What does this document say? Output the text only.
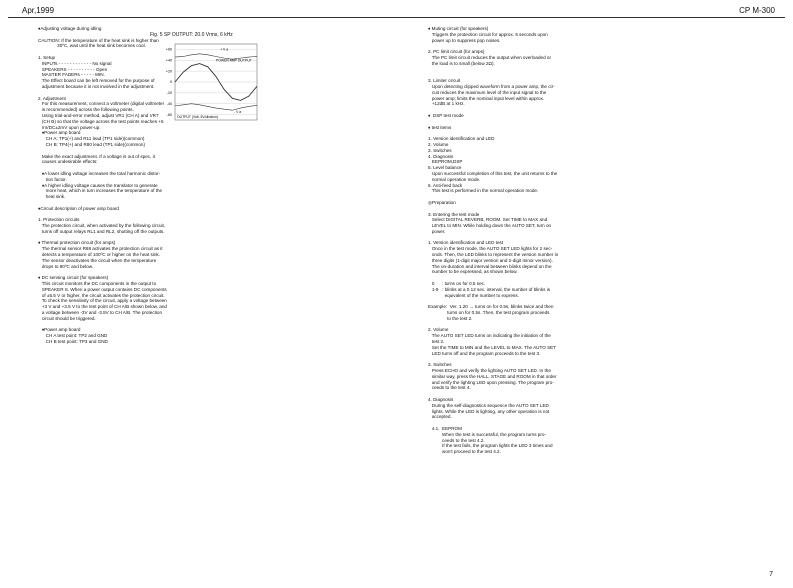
Apr,1999	CP M-300
Fig. 5 SP OUTPUT: 20.0 Vrms, 6 kHz
+60
+40
+20
0
-20
-40
-60
+ V a
POWER AMP OUTPUT
- V a
OUTPUT (Volt, 5V/division)

♦Adjusting voltage during idling

CAUTION: If the temperature of the heat sink is higher than

30ºC, wait until the heat sink becomes cool.

1. Setup

INPUTs - - - - - - - - - - - - No signal

SPEAKERS - - - - - - - - - - Open

MASTER FADERs - - - - - MIN.

The Effect board can be left removed for the purpose of

adjustment because it is not involved in the adjustment.

2. Adjustment

For this measurement, connect a voltmeter (digital voltmeter

is recommended) across the following points.

Using trial-and-error method, adjust VR1 (CH A) and VR7

(CH B) so that the voltage across the test points reaches +5

mVDC±2mV upon power-up.

♦Power amp board

CH A: TP1(+) and R11 lead (TP1 side)(common)

CH B: TP4(+) and R80 lead (TP1 side)(common)

Make the exact adjustment. If a voltage is out of spec, it

causes undesirable effects:

♦A lower idling voltage increases the total harmonic distor-

tion factor.

♦A higher idling voltage causes the translator to generate

more heat, which in turn increases the temperature of the

heat sink.

♦Circuit description of power amp board

1. Protection circuits

The protection circuit, when activated by the following circuit,

turns off output relays RL1 and RL2, shutting off the outputs.

♦ Thermal protection circuit (for amps)

The thermal sensor R68 activates the protection circuit as it

detects a temperature of 100ºC or higher on the heat sink.

The sensor deactivates the circuit when the temperature

drops to 90ºC and below.

♦ DC sensing circuit (for speakers)

This circuit monitors the DC components in the output to

SPEAKER S. When a power output contains DC components

of ±5.5 V or higher, the circuit activates the protection circuit.

To check the sensitivity of the circuit, apply a voltage between

+3 V and +3.5 V to the test point of CH A/B shown below, and

a voltage between -3V and -3.5V to CH A/B. The protection

circuit should be triggered.

♦Power amp board

CH A test point: TP2 and GND

CH B test point: TP3 and GND

♦ Muting circuit (for speakers)

Triggers the protection circuit for approx. 5 seconds upon

power up to suppress pop noises.

2. PC limit circuit (for amps)

The PC limit circuit reduces the output when overloaded or

the load is to small (below 2Ω).

3. Limiter circuit

Upon detecting clipped waveform from a power amp, the cir-

cuit reduces the maximum level of the input signal to the

power amp; limits the nominal input level within approx.

+12dB at 1 kHz.

♦  DSP test mode

♦ test items

1. Version identification and LED

2. Volume

3. Switches

4. Diagnosis

EEPROM,DSP

5. Level balance

Upon successful completion of this test, the unit returns to the

normal operation mode.

6. Anti-feed back

This test is performed in the normal operation mode.

◎Preparation

3. Entering the test mode

Select DIGITAL REVERB, ROOM. Set TIME to MAX and

LEVEL to MIN. While holding down the AUTO SET, turn on

power.

1. Version identification and LED test

Once in the test mode, the AUTO SET LED lights for 2 sec-

onds. Then, the LED blinks to represent the version number in

three digits (1-digit major version and 2-digit minor version).

The on-duration and interval between blinks depend on the

number to be expressed, as shown below.

0      : turns on for 0.5 sec.

1-9   : blinks at a 0.12 sec. interval, the number of blinks is

equivalent of the number to express.

Example:  Ver. 1.20 → turns on for 0.5s, blinks twice and then

turns on for 0.5s. Then, the test program proceeds

to the test 2.

2. Volume

The AUTO SET LED turns on indicating the initiation of the

test 2.

Set the TIME to MIN and the LEVEL to MAX. The AUTO SET

LED turns off and the program proceeds to the test 3.

3. Switches

Press ECHO and verify the lighting AUTO SET LED. In the

similar way, press the HALL, STAGE and ROOM in that order

and verify the lighting LED upon pressing. The program pro-

ceeds to the test 4.

4. Diagnosis

During the self-diagnostics sequence the AUTO SET LED

lights. While the LED is lighting, any other operation is not

accepted.

4.1.  EEPROM

When the test is successful, the program turns pro-

ceeds to the test 4.2.

If the test fails, the program lights the LED 3 times and

won't proceed to the test 4.2.

7
